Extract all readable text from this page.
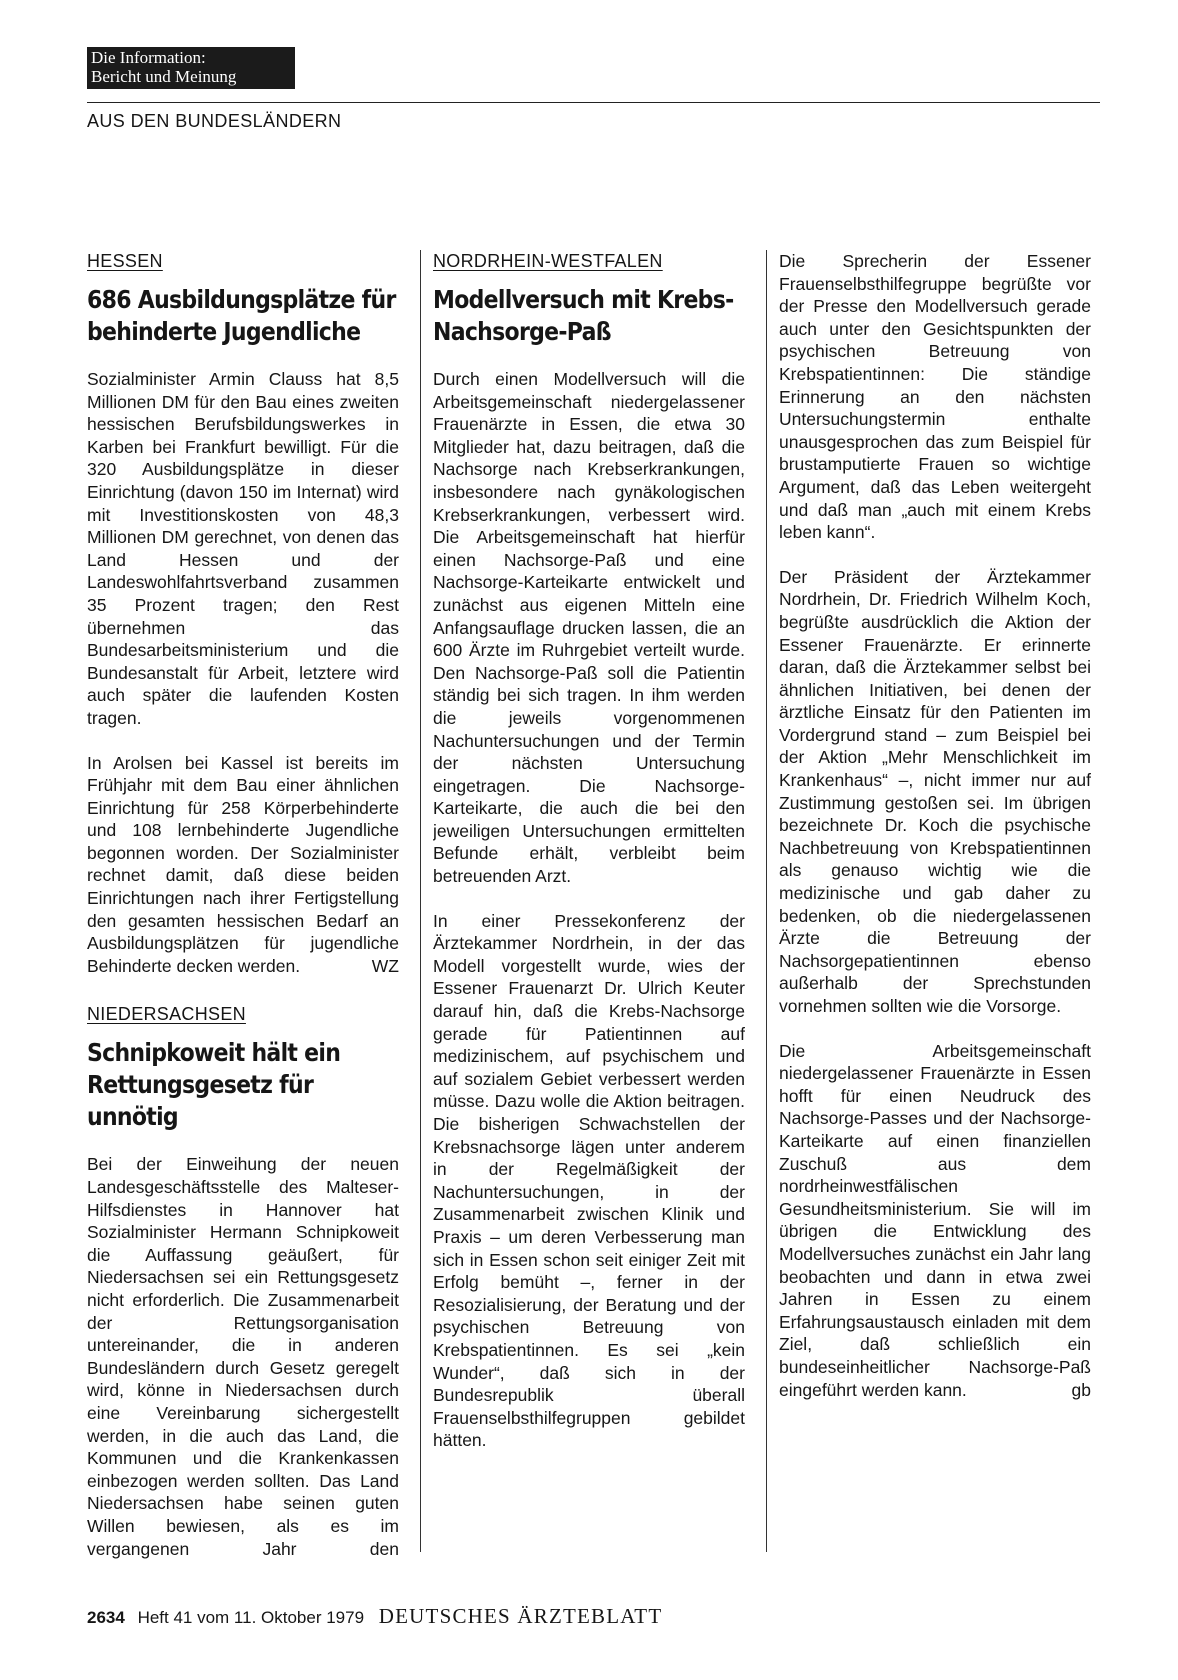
Die Information:
Bericht und Meinung
AUS DEN BUNDESLÄNDERN
HESSEN
686 Ausbildungsplätze für behinderte Jugendliche

Sozialminister Armin Clauss hat 8,5 Millionen DM für den Bau eines zweiten hessischen Berufsbildungswerkes in Karben bei Frankfurt bewilligt. Für die 320 Ausbildungsplätze in dieser Einrichtung (davon 150 im Internat) wird mit Investitionskosten von 48,3 Millionen DM gerechnet, von denen das Land Hessen und der Landeswohlfahrtsverband zusammen 35 Prozent tragen; den Rest übernehmen das Bundesarbeitsministerium und die Bundesanstalt für Arbeit, letztere wird auch später die laufenden Kosten tragen.

In Arolsen bei Kassel ist bereits im Frühjahr mit dem Bau einer ähnlichen Einrichtung für 258 Körperbehinderte und 108 lernbehinderte Jugendliche begonnen worden. Der Sozialminister rechnet damit, daß diese beiden Einrichtungen nach ihrer Fertigstellung den gesamten hessischen Bedarf an Ausbildungsplätzen für jugendliche Behinderte decken werden.	WZ

NIEDERSACHSEN
Schnipkoweit hält ein Rettungsgesetz für unnötig

Bei der Einweihung der neuen Landesgeschäftsstelle des Malteser-Hilfsdienstes in Hannover hat Sozialminister Hermann Schnipkoweit die Auffassung geäußert, für Niedersachsen sei ein Rettungsgesetz nicht erforderlich. Die Zusammenarbeit der Rettungsorganisation untereinander, die in anderen Bundesländern durch Gesetz geregelt wird, könne in Niedersachsen durch eine Vereinbarung sichergestellt werden, in die auch das Land, die Kommunen und die Krankenkassen einbezogen werden sollten. Das Land Niedersachsen habe seinen guten Willen bewiesen, als es im vergangenen Jahr den

NORDRHEIN-WESTFALEN
Modellversuch mit Krebs-Nachsorge-Paß

Durch einen Modellversuch will die Arbeitsgemeinschaft niedergelassener Frauenärzte in Essen, die etwa 30 Mitglieder hat, dazu beitragen, daß die Nachsorge nach Krebserkrankungen, insbesondere nach gynäkologischen Krebserkrankungen, verbessert wird. Die Arbeitsgemeinschaft hat hierfür einen Nachsorge-Paß und eine Nachsorge-Karteikarte entwickelt und zunächst aus eigenen Mitteln eine Anfangsauflage drucken lassen, die an 600 Ärzte im Ruhrgebiet verteilt wurde. Den Nachsorge-Paß soll die Patientin ständig bei sich tragen. In ihm werden die jeweils vorgenommenen Nachuntersuchungen und der Termin der nächsten Untersuchung eingetragen. Die Nachsorge-Karteikarte, die auch die bei den jeweiligen Untersuchungen ermittelten Befunde erhält, verbleibt beim betreuenden Arzt.

In einer Pressekonferenz der Ärztekammer Nordrhein, in der das Modell vorgestellt wurde, wies der Essener Frauenarzt Dr. Ulrich Keuter darauf hin, daß die Krebs-Nachsorge gerade für Patientinnen auf medizinischem, auf psychischem und auf sozialem Gebiet verbessert werden müsse. Dazu wolle die Aktion beitragen. Die bisherigen Schwachstellen der Krebsnachsorge lägen unter anderem in der Regelmäßigkeit der Nachuntersuchungen, in der Zusammenarbeit zwischen Klinik und Praxis – um deren Verbesserung man sich in Essen schon seit einiger Zeit mit Erfolg bemüht –, ferner in der Resozialisierung, der Beratung und der psychischen Betreuung von Krebspatientinnen. Es sei „kein Wunder“, daß sich in der Bundesrepublik überall Frauenselbsthilfegruppen gebildet hätten.

Die Sprecherin der Essener Frauenselbsthilfegruppe begrüßte vor der Presse den Modellversuch gerade auch unter den Gesichtspunkten der psychischen Betreuung von Krebspatientinnen: Die ständige Erinnerung an den nächsten Untersuchungstermin enthalte unausgesprochen das zum Beispiel für brustamputierte Frauen so wichtige Argument, daß das Leben weitergeht und daß man „auch mit einem Krebs leben kann“.

Der Präsident der Ärztekammer Nordrhein, Dr. Friedrich Wilhelm Koch, begrüßte ausdrücklich die Aktion der Essener Frauenärzte. Er erinnerte daran, daß die Ärztekammer selbst bei ähnlichen Initiativen, bei denen der ärztliche Einsatz für den Patienten im Vordergrund stand – zum Beispiel bei der Aktion „Mehr Menschlichkeit im Krankenhaus“ –, nicht immer nur auf Zustimmung gestoßen sei. Im übrigen bezeichnete Dr. Koch die psychische Nachbetreuung von Krebspatientinnen als genauso wichtig wie die medizinische und gab daher zu bedenken, ob die niedergelassenen Ärzte die Betreuung der Nachsorgepatientinnen ebenso außerhalb der Sprechstunden vornehmen sollten wie die Vorsorge.

Die Arbeitsgemeinschaft niedergelassener Frauenärzte in Essen hofft für einen Neudruck des Nachsorge-Passes und der Nachsorge-Karteikarte auf einen finanziellen Zuschuß aus dem nordrheinwestfälischen Gesundheitsministerium. Sie will im übrigen die Entwicklung des Modellversuches zunächst ein Jahr lang beobachten und dann in etwa zwei Jahren in Essen zu einem Erfahrungsaustausch einladen mit dem Ziel, daß schließlich ein bundeseinheitlicher Nachsorge-Paß eingeführt werden kann.	gb

2634 Heft 41 vom 11. Oktober 1979 DEUTSCHES ÄRZTEBLATT
